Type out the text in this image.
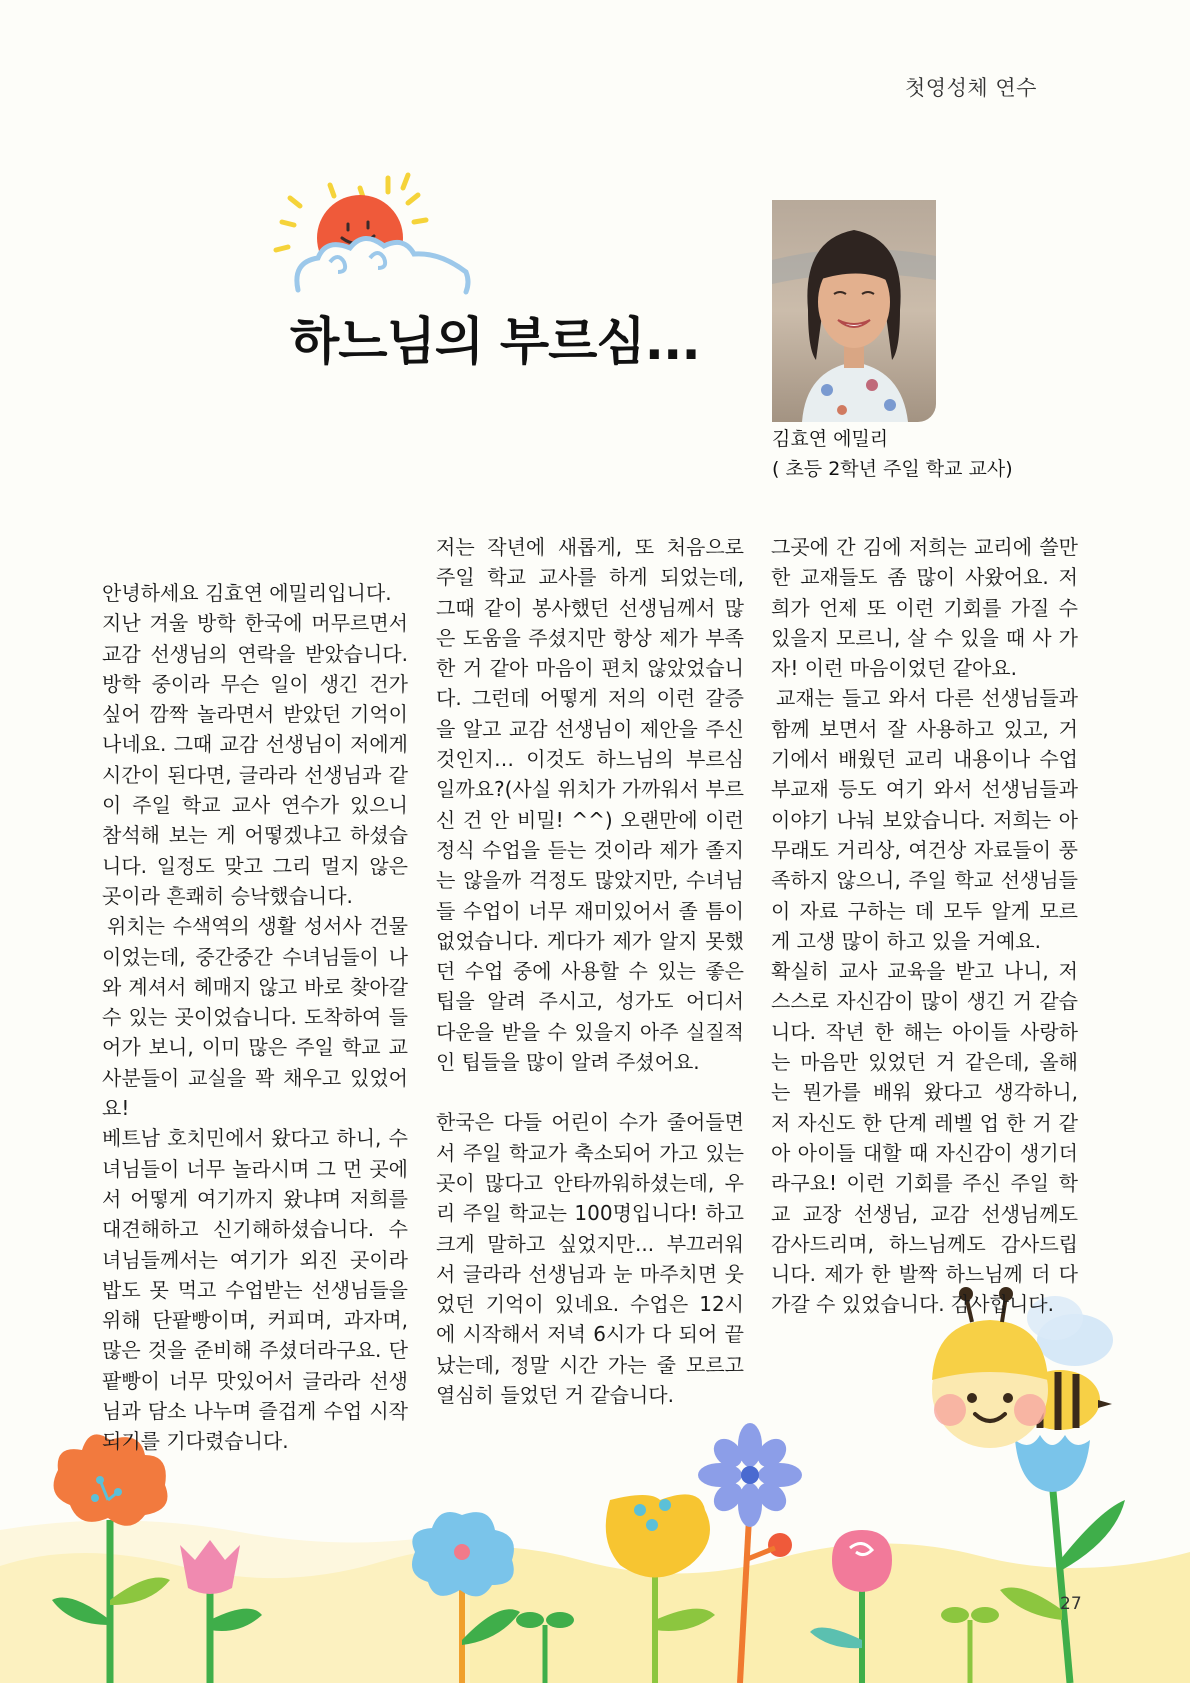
첫영성체 연수
하느님의 부르심...
김효연 에밀리
( 초등 2학년 주일 학교 교사)

안녕하세요 김효연 에밀리입니다.

지난 겨울 방학 한국에 머무르면서 교감 선생님의 연락을 받았습니다. 방학 중이라 무슨 일이 생긴 건가 싶어 깜짝 놀라면서 받았던 기억이 나네요. 그때 교감 선생님이 저에게 시간이 된다면, 글라라 선생님과 같이 주일 학교 교사 연수가 있으니 참석해 보는 게 어떻겠냐고 하셨습니다. 일정도 맞고 그리 멀지 않은 곳이라 흔쾌히 승낙했습니다.

위치는 수색역의 생활 성서사 건물이었는데, 중간중간 수녀님들이 나와 계셔서 헤매지 않고 바로 찾아갈 수 있는 곳이었습니다. 도착하여 들어가 보니, 이미 많은 주일 학교 교사분들이 교실을 꽉 채우고 있었어요!

베트남 호치민에서 왔다고 하니, 수녀님들이 너무 놀라시며 그 먼 곳에서 어떻게 여기까지 왔냐며 저희를 대견해하고 신기해하셨습니다. 수녀님들께서는 여기가 외진 곳이라 밥도 못 먹고 수업받는 선생님들을 위해 단팥빵이며, 커피며, 과자며, 많은 것을 준비해 주셨더라구요. 단팥빵이 너무 맛있어서 글라라 선생님과 담소 나누며 즐겁게 수업 시작되기를 기다렸습니다.

저는 작년에 새롭게, 또 처음으로 주일 학교 교사를 하게 되었는데, 그때 같이 봉사했던 선생님께서 많은 도움을 주셨지만 항상 제가 부족한 거 같아 마음이 편치 않았었습니다. 그런데 어떻게 저의 이런 갈증을 알고 교감 선생님이 제안을 주신 것인지… 이것도 하느님의 부르심일까요?(사실 위치가 가까워서 부르신 건 안 비밀! ^^) 오랜만에 이런 정식 수업을 듣는 것이라 제가 졸지는 않을까 걱정도 많았지만, 수녀님들 수업이 너무 재미있어서 졸 틈이 없었습니다. 게다가 제가 알지 못했던 수업 중에 사용할 수 있는 좋은 팁을 알려 주시고, 성가도 어디서 다운을 받을 수 있을지 아주 실질적인 팁들을 많이 알려 주셨어요.

한국은 다들 어린이 수가 줄어들면서 주일 학교가 축소되어 가고 있는 곳이 많다고 안타까워하셨는데, 우리 주일 학교는 100명입니다! 하고 크게 말하고 싶었지만... 부끄러워서 글라라 선생님과 눈 마주치면 웃었던 기억이 있네요. 수업은 12시에 시작해서 저녁 6시가 다 되어 끝났는데, 정말 시간 가는 줄 모르고 열심히 들었던 거 같습니다.

그곳에 간 김에 저희는 교리에 쓸만한 교재들도 좀 많이 사왔어요. 저희가 언제 또 이런 기회를 가질 수 있을지 모르니, 살 수 있을 때 사 가자! 이런 마음이었던 같아요.

교재는 들고 와서 다른 선생님들과 함께 보면서 잘 사용하고 있고, 거기에서 배웠던 교리 내용이나 수업 부교재 등도 여기 와서 선생님들과 이야기 나눠 보았습니다. 저희는 아무래도 거리상, 여건상 자료들이 풍족하지 않으니, 주일 학교 선생님들이 자료 구하는 데 모두 알게 모르게 고생 많이 하고 있을 거예요.

확실히 교사 교육을 받고 나니, 저 스스로 자신감이 많이 생긴 거 같습니다. 작년 한 해는 아이들 사랑하는 마음만 있었던 거 같은데, 올해는 뭔가를 배워 왔다고 생각하니, 저 자신도 한 단계 레벨 업 한 거 같아 아이들 대할 때 자신감이 생기더라구요! 이런 기회를 주신 주일 학교 교장 선생님, 교감 선생님께도 감사드리며, 하느님께도 감사드립니다. 제가 한 발짝 하느님께 더 다가갈 수 있었습니다. 감사합니다.

27
